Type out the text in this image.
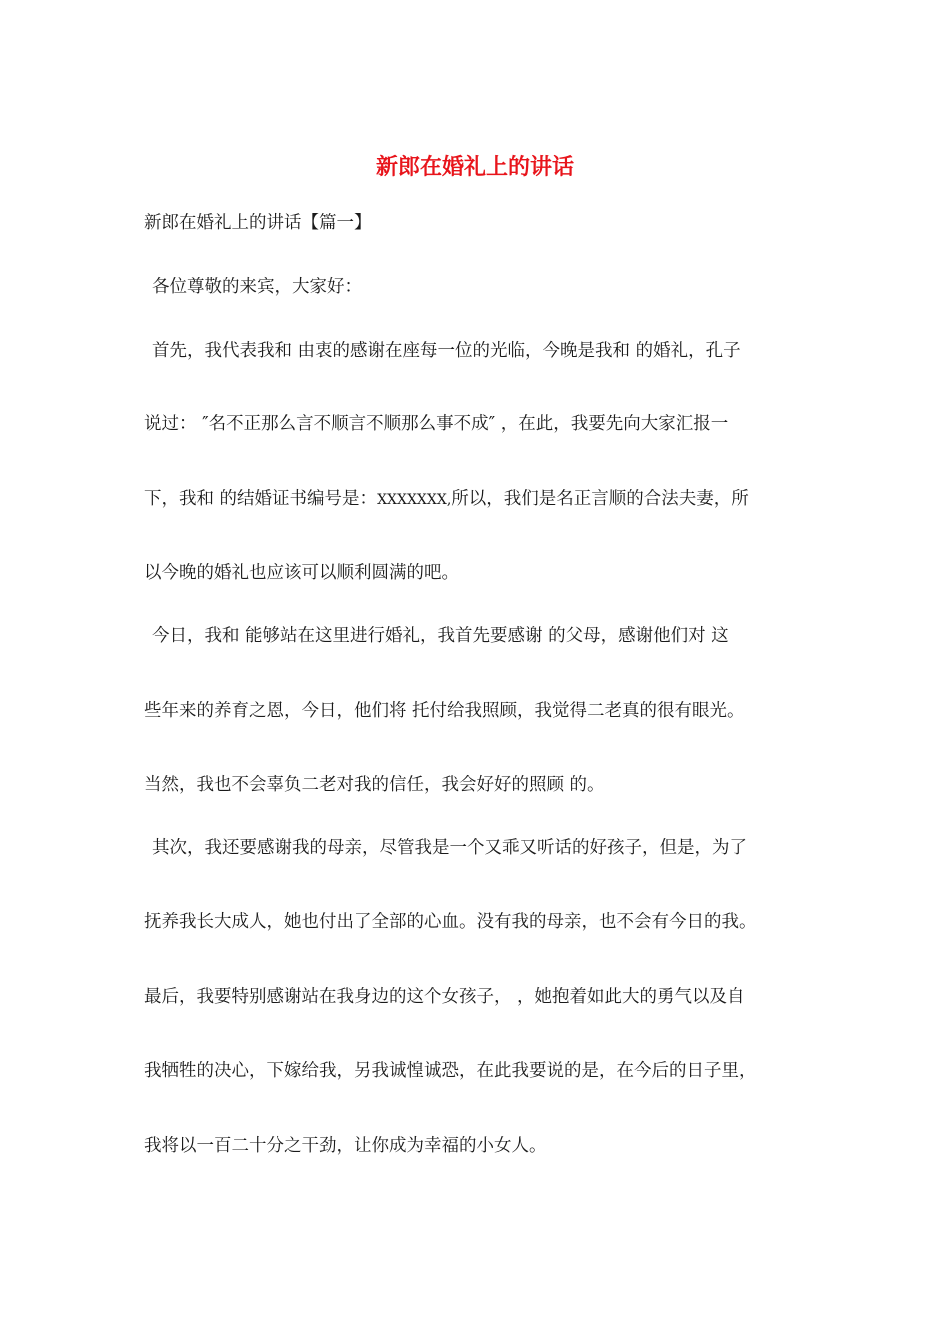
新郎在婚礼上的讲话

新郎在婚礼上的讲话【篇一】

各位尊敬的来宾，大家好：

首先，我代表我和 由衷的感谢在座每一位的光临，今晚是我和 的婚礼，孔子

说过： ″名不正那么言不顺言不顺那么事不成″ ，在此，我要先向大家汇报一

下，我和 的结婚证书编号是：XXXXXXX,所以，我们是名正言顺的合法夫妻，所

以今晚的婚礼也应该可以顺利圆满的吧。

今日，我和 能够站在这里进行婚礼，我首先要感谢 的父母，感谢他们对 这

些年来的养育之恩，今日，他们将 托付给我照顾，我觉得二老真的很有眼光。

当然，我也不会辜负二老对我的信任，我会好好的照顾 的。

其次，我还要感谢我的母亲，尽管我是一个又乖又听话的好孩子，但是，为了

抚养我长大成人，她也付出了全部的心血。没有我的母亲，也不会有今日的我。

最后，我要特别感谢站在我身边的这个女孩子， ，她抱着如此大的勇气以及自

我牺牲的决心，下嫁给我，另我诚惶诚恐，在此我要说的是，在今后的日子里，

我将以一百二十分之干劲，让你成为幸福的小女人。
